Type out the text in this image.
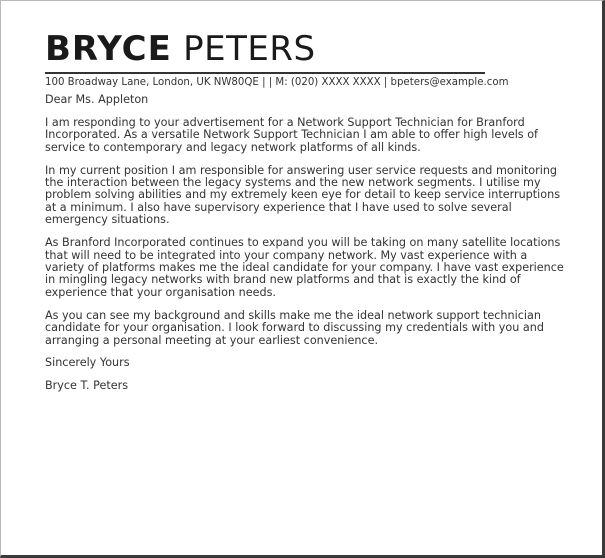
BRYCE PETERS
100 Broadway Lane, London, UK NW80QE | | M: (020) XXXX XXXX | bpeters@example.com

Dear Ms. Appleton

I am responding to your advertisement for a Network Support Technician for Branford Incorporated. As a versatile Network Support Technician I am able to offer high levels of service to contemporary and legacy network platforms of all kinds.

In my current position I am responsible for answering user service requests and monitoring the interaction between the legacy systems and the new network segments. I utilise my problem solving abilities and my extremely keen eye for detail to keep service interruptions at a minimum. I also have supervisory experience that I have used to solve several emergency situations.

As Branford Incorporated continues to expand you will be taking on many satellite locations that will need to be integrated into your company network. My vast experience with a variety of platforms makes me the ideal candidate for your company. I have vast experience in mingling legacy networks with brand new platforms and that is exactly the kind of experience that your organisation needs.

As you can see my background and skills make me the ideal network support technician candidate for your organisation. I look forward to discussing my credentials with you and arranging a personal meeting at your earliest convenience.

Sincerely Yours

Bryce T. Peters
